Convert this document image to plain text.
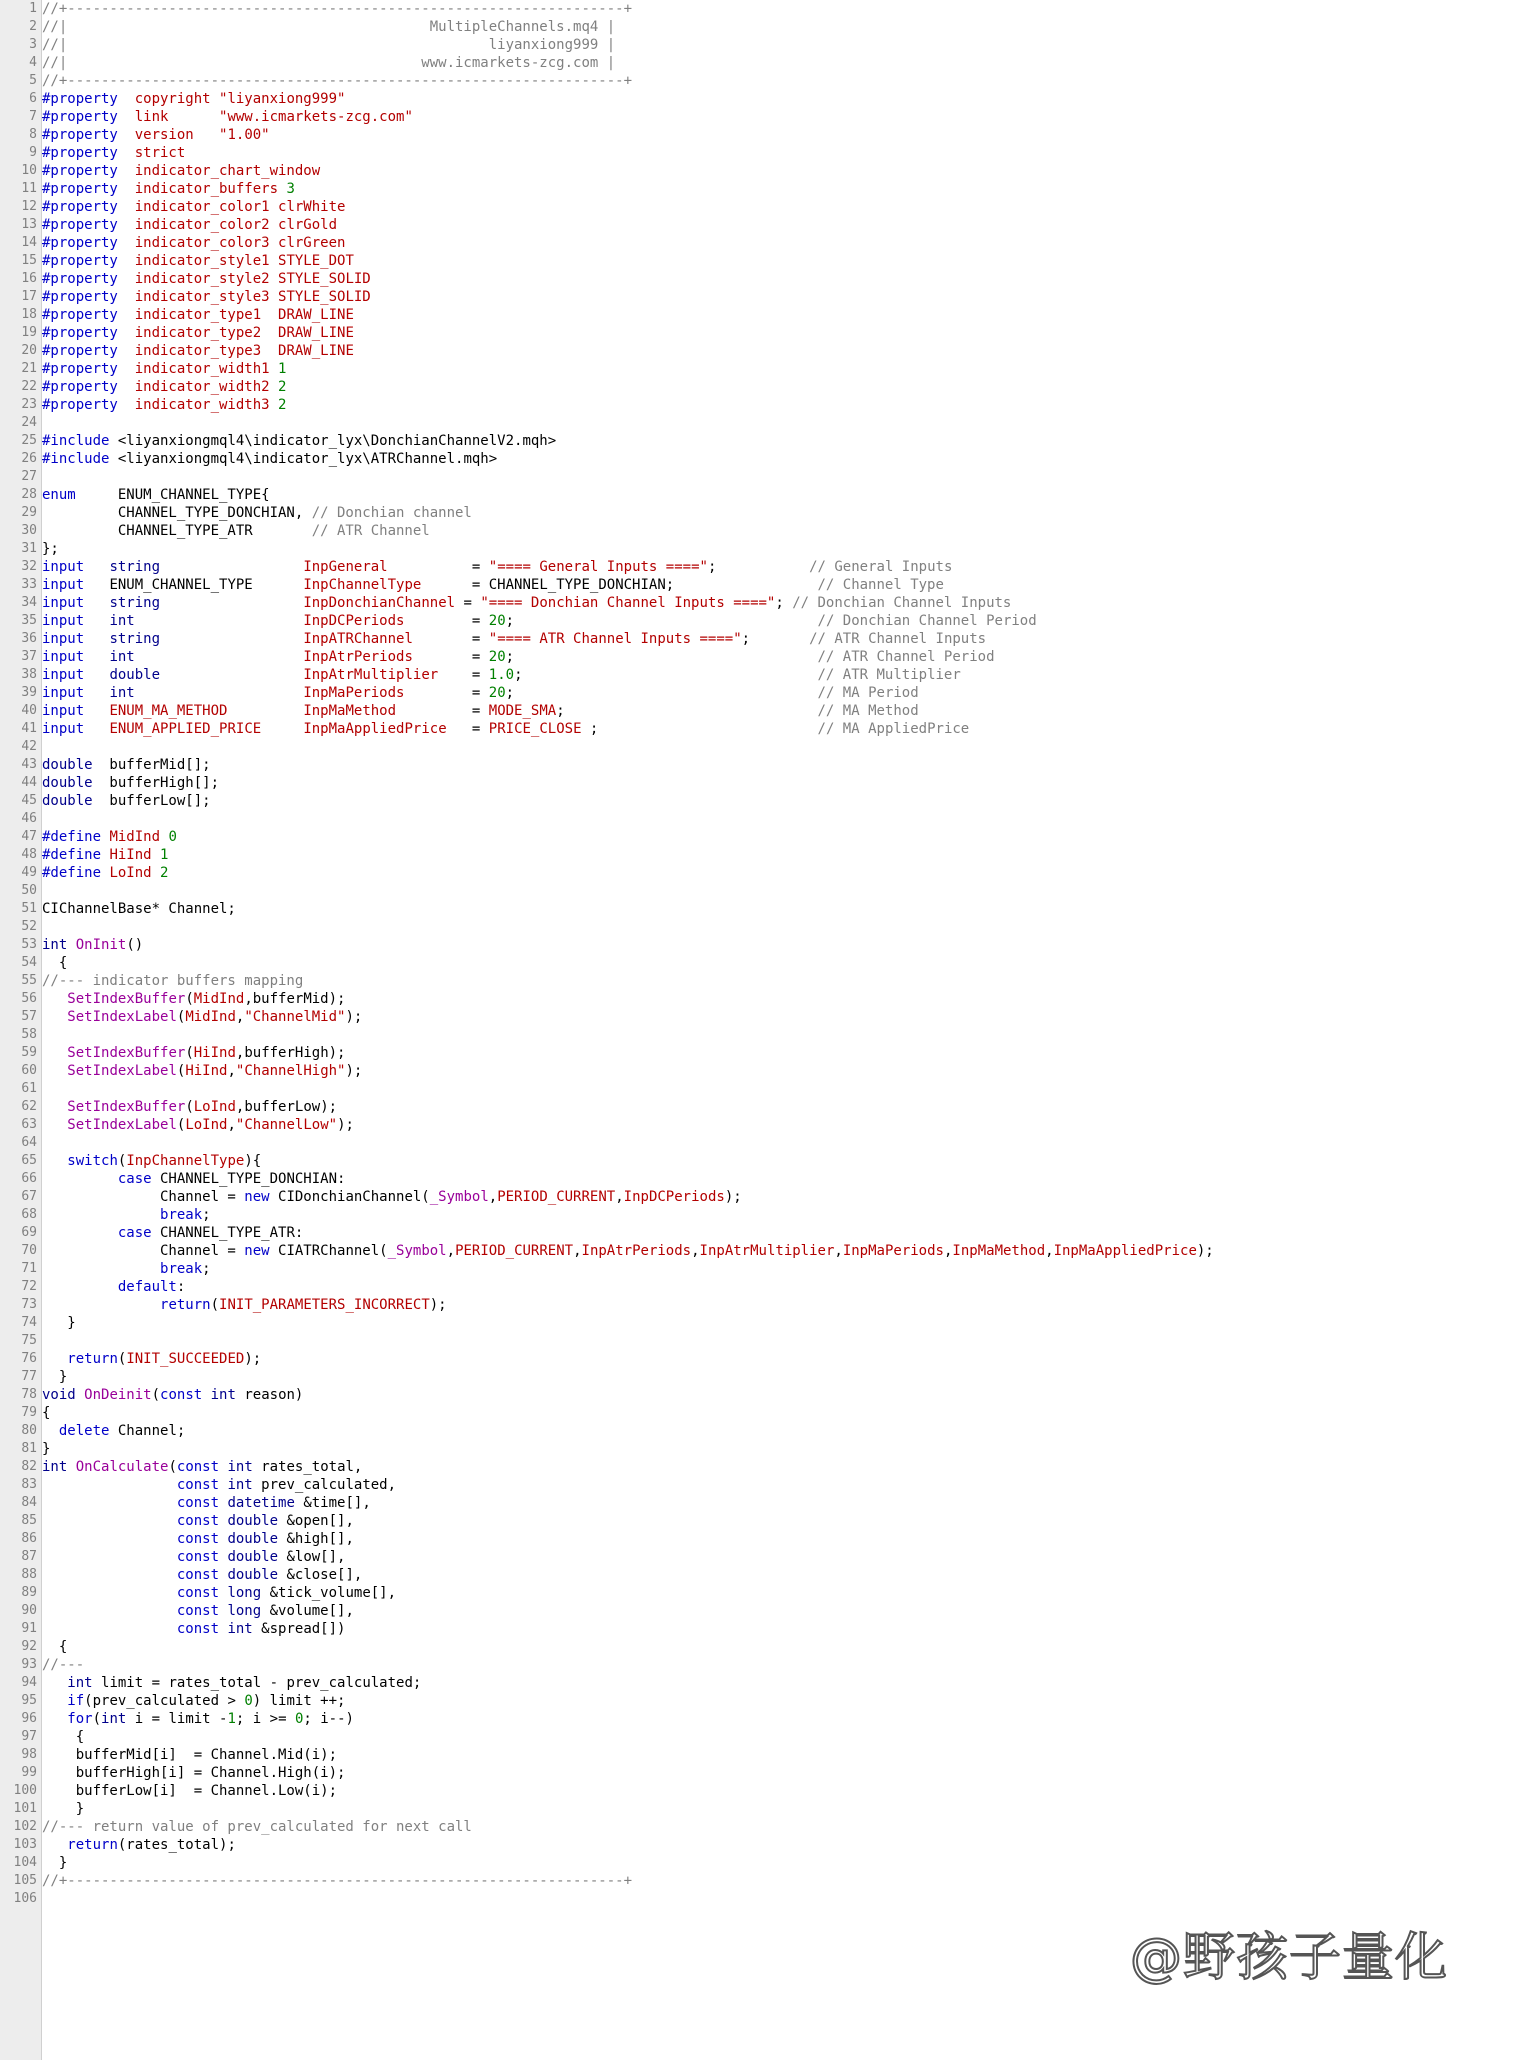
1 //+------------------------------------------------------------------+
2 //|                                           MultipleChannels.mq4 |
3 //|                                                  liyanxiong999 |
4 //|                                          www.icmarkets-zcg.com |
5 //+------------------------------------------------------------------+
6 #property copyright "liyanxiong999"
7 #property link	"www.icmarkets-zcg.com"
8 #property version "1.00"
9 #property strict
10 #property indicator_chart_window
11 #property indicator_buffers 3
12 #property indicator_color1 clrWhite
13 #property indicator_color2 clrGold
14 #property indicator_color3 clrGreen
15 #property indicator_style1 STYLE_DOT
16 #property indicator_style2 STYLE_SOLID
17 #property indicator_style3 STYLE_SOLID
18 #property indicator_type1 DRAW_LINE
19 #property indicator_type2 DRAW_LINE
20 #property indicator_type3 DRAW_LINE
21 #property indicator_width1 1
22 #property indicator_width2 2
23 #property indicator_width3 2
24
25 #include <liyanxiongmql4\indicator_lyx\DonchianChannelV2.mqh>
26 #include <liyanxiongmql4\indicator_lyx\ATRChannel.mqh>
27
28 enum     ENUM_CHANNEL_TYPE{
29 CHANNEL_TYPE_DONCHIAN, // Donchian channel
30 CHANNEL_TYPE_ATR       // ATR Channel
31 };
32 input string	InpGeneral          = "==== General Inputs ====";           // General Inputs
33 input   ENUM_CHANNEL_TYPE      InpChannelType      = CHANNEL_TYPE_DONCHIAN;                 // Channel Type
34 input string	InpDonchianChannel = "==== Donchian Channel Inputs ===="; // Donchian Channel Inputs
35 input int	InpDCPeriods        = 20;                                    // Donchian Channel Period
36 input string	InpATRChannel       = "==== ATR Channel Inputs ====";       // ATR Channel Inputs
37 input int	InpAtrPeriods       = 20;                                    // ATR Channel Period
38 input double	InpAtrMultiplier    = 1.0;                                   // ATR Multiplier
39 input int	InpMaPeriods        = 20;                                    // MA Period
40 input ENUM_MA_METHOD	InpMaMethod         = MODE_SMA;                              // MA Method
41 input ENUM_APPLIED_PRICE	InpMaAppliedPrice   = PRICE_CLOSE ;                          // MA AppliedPrice
42
43 double  bufferMid[];
44 double  bufferHigh[];
45 double  bufferLow[];
46
47 #define MidInd 0
48 #define HiInd 1
49 #define LoInd 2
50
51 CIChannelBase* Channel;
52
53 int OnInit()
54 {
55 //--- indicator buffers mapping
56	SetIndexBuffer(MidInd,bufferMid);
57	SetIndexLabel(MidInd,"ChannelMid");
58
59	SetIndexBuffer(HiInd,bufferHigh);
60	SetIndexLabel(HiInd,"ChannelHigh");
61
62	SetIndexBuffer(LoInd,bufferLow);
63	SetIndexLabel(LoInd,"ChannelLow");
64
65	switch(InpChannelType){
66	case CHANNEL_TYPE_DONCHIAN:
67 Channel = new CIDonchianChannel(_Symbol,PERIOD_CURRENT,InpDCPeriods);
68	break;
69	case CHANNEL_TYPE_ATR:
70 Channel = new CIATRChannel(_Symbol,PERIOD_CURRENT,InpAtrPeriods,InpAtrMultiplier,InpMaPeriods,InpMaMethod,InpMaAppliedPrice);
71	break;
72	default:
73	return(INIT_PARAMETERS_INCORRECT);
74 }
75
76	return(INIT_SUCCEEDED);
77 }
78 void OnDeinit(const int reason)
79 {
80	delete Channel;
81 }
82 int OnCalculate(const int rates_total,
83	const int prev_calculated,
84	const datetime &time[],
85	const double &open[],
86	const double &high[],
87	const double &low[],
88	const double &close[],
89	const long &tick_volume[],
90	const long &volume[],
91	const int &spread[])
92 {
93 //---
94	int limit = rates_total - prev_calculated;
95	if(prev_calculated > 0) limit ++;
96	for(int i = limit -1; i >= 0; i--)
97 {
98 bufferMid[i]  = Channel.Mid(i);
99 bufferHigh[i] = Channel.High(i);
100 bufferLow[i]  = Channel.Low(i);
101 }
102 //--- return value of prev_calculated for next call
103	return(rates_total);
104 }
105 //+------------------------------------------------------------------+
106
@野孩子量化
